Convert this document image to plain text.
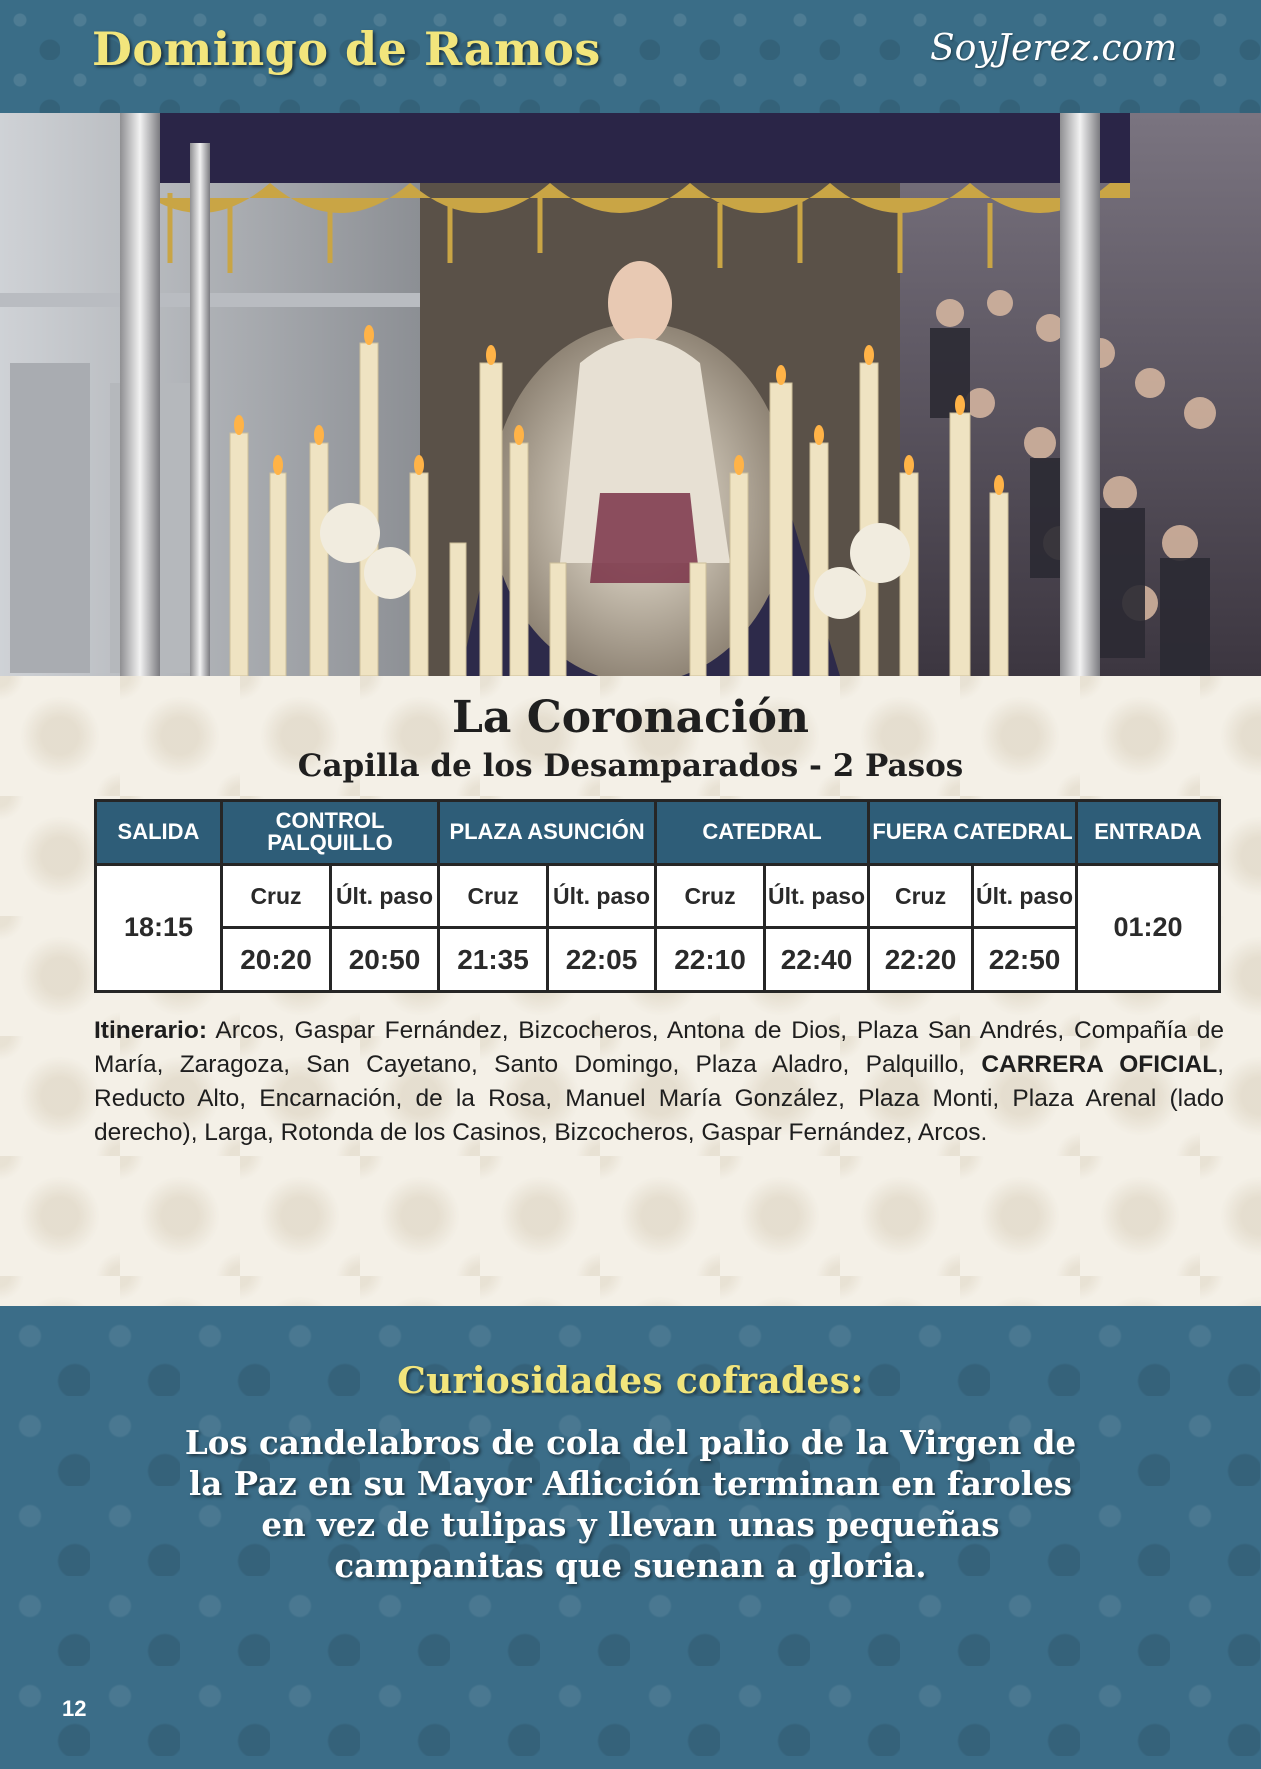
Domingo de Ramos	SoyJerez.com
La Coronación
Capilla de los Desamparados - 2 Pasos
SALIDA	CONTROL PALQUILLO		PLAZA ASUNCIÓN		CATEDRAL		FUERA CATEDRAL		ENTRADA
18:15	Cruz	Últ. paso	Cruz	Últ. paso	Cruz	Últ. paso	Cruz	Últ. paso	01:20
	20:20	20:50	21:35	22:05	22:10	22:40	22:20	22:50	

Itinerario: Arcos, Gaspar Fernández, Bizcocheros, Antona de Dios, Plaza San Andrés, Compañía de María, Zaragoza, San Cayetano, Santo Domingo, Plaza Aladro, Palquillo, CARRERA OFICIAL, Reducto Alto, Encarnación, de la Rosa, Manuel María González, Plaza Monti, Plaza Arenal (lado derecho), Larga, Rotonda de los Casinos, Bizcocheros, Gaspar Fernández, Arcos.

Curiosidades cofrades:

Los candelabros de cola del palio de la Virgen de la Paz en su Mayor Aflicción terminan en faroles en vez de tulipas y llevan unas pequeñas campanitas que suenan a gloria.

12
